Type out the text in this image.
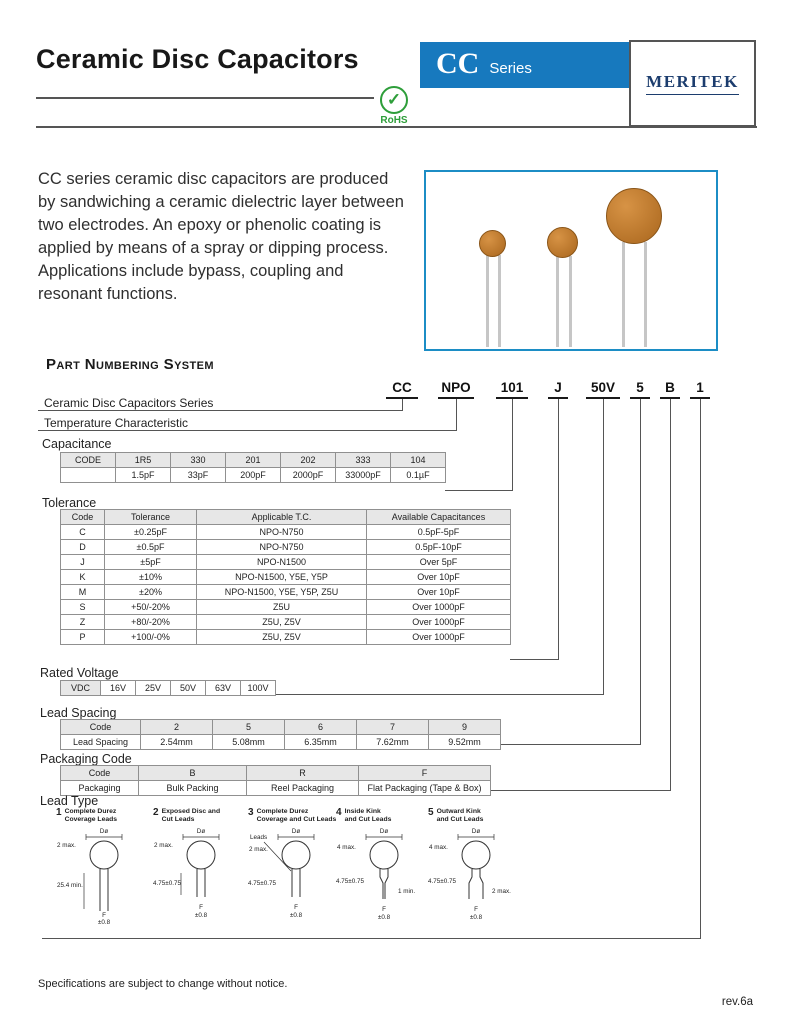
Ceramic Disc Capacitors	CC Series
MERITEK
✓
RoHS

CC series ceramic disc capacitors are produced by sandwiching a ceramic dielectric layer between two electrodes. An epoxy or phenolic coating is applied by means of a spray or dipping process. Applications include bypass, coupling and resonant functions.

Part Numbering System
CC	NPO	101	J	50V	5	B	1
Ceramic Disc Capacitors Series
Temperature Characteristic
Capacitance
CODE	1R5	330	201	202	333	104
	1.5pF	33pF	200pF	2000pF	33000pF	0.1µF
Tolerance
Code	Tolerance	Applicable T.C.	Available Capacitances
C	±0.25pF	NPO-N750	0.5pF-5pF
D	±0.5pF	NPO-N750	0.5pF-10pF
J	±5pF	NPO-N1500	Over 5pF
K	±10%	NPO-N1500, Y5E, Y5P	Over 10pF
M	±20%	NPO-N1500, Y5E, Y5P, Z5U	Over 10pF
S	+50/-20%	Z5U	Over 1000pF
Z	+80/-20%	Z5U, Z5V	Over 1000pF
P	+100/-0%	Z5U, Z5V	Over 1000pF
Rated Voltage
VDC	16V	25V	50V	63V	100V
Lead Spacing
Code	2	5	6	7	9
Lead Spacing	2.54mm	5.08mm	6.35mm	7.62mm	9.52mm
Packaging Code
Code	B	R	F
Packaging	Bulk Packing	Reel Packaging	Flat Packaging (Tape & Box)
Lead Type
1 Complete Durez
Coverage Leads
Dø
2 max.
25.4 min.
F
±0.8
2 Exposed Disc and
Cut Leads
Dø
2 max.
4.75±0.75
F
±0.8
3 Complete Durez
Coverage and Cut Leads
Leads
Dø
2 max.
4.75±0.75
F
±0.8
4 Inside Kink
and Cut Leads
Dø
4 max.
4.75±0.75
1 min.
F
±0.8
5 Outward Kink
and Cut Leads
Dø
4 max.
4.75±0.75
2 max.
F
±0.8
Specifications are subject to change without notice.
rev.6a
